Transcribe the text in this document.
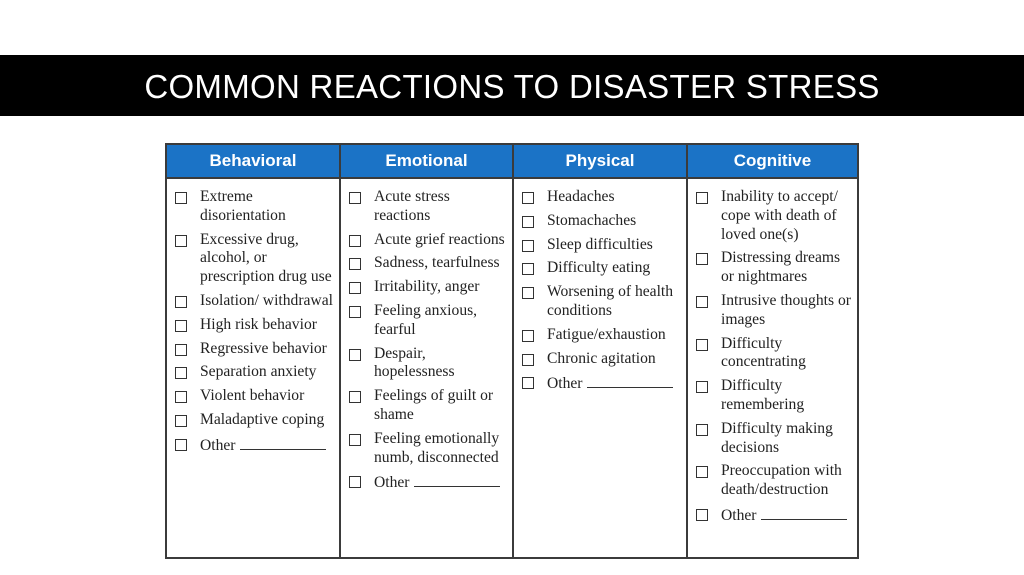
COMMON REACTIONS TO DISASTER STRESS
Behavioral
Extreme disorientation
Excessive drug, alcohol, or prescription drug use
Isolation/ withdrawal
High risk behavior
Regressive behavior
Separation anxiety
Violent behavior
Maladaptive coping
Other
Emotional
Acute stress reactions
Acute grief reactions
Sadness, tearfulness
Irritability, anger
Feeling anxious, fearful
Despair, hopelessness
Feelings of guilt or shame
Feeling emotionally numb, disconnected
Other
Physical
Headaches
Stomachaches
Sleep difficulties
Difficulty eating
Worsening of health conditions
Fatigue/exhaustion
Chronic agitation
Other
Cognitive
Inability to accept/ cope with death of loved one(s)
Distressing dreams or nightmares
Intrusive thoughts or images
Difficulty concentrating
Difficulty remembering
Difficulty making decisions
Preoccupation with death/destruction
Other
